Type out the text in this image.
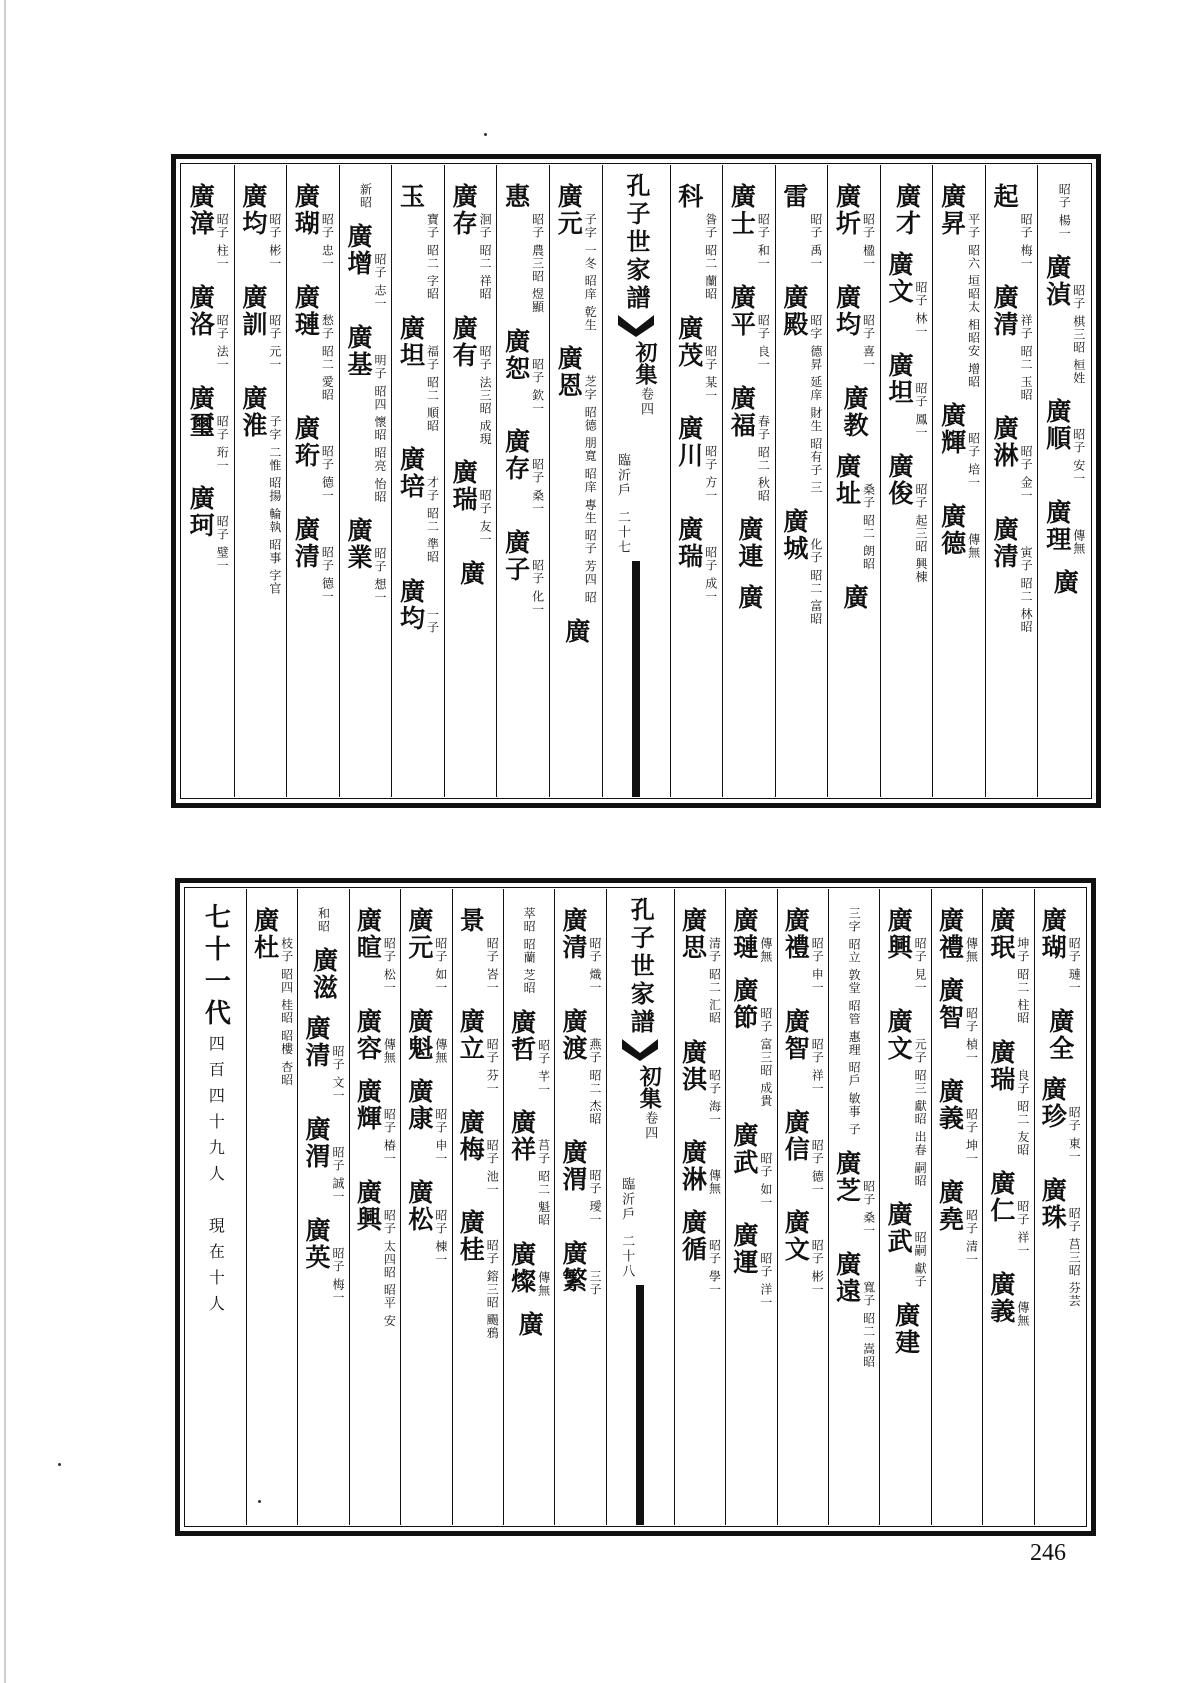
昭子 楊一
廣湞
昭子 棋三昭 桓姓
廣順
昭子 安一
廣理 傳無
廣
起
昭子 梅一
廣清
祥子 昭二 玉昭
廣淋
昭子 金一
廣清
寅子 昭二 林昭
廣昇
平子 昭六 垣昭太 相昭安 增昭
廣輝
昭子 培一
廣德 傳無
廣才
廣文
昭子 林一
廣坦
昭子 鳳一
廣俊
昭子 起三昭 興棟
廣圻
昭子 楹一
廣均
昭子 喜一
廣教
廣址
桑子 昭二 朗昭
廣
雷
昭子 禹一
廣殿
昭字 德昇 延庠 財生 昭有子 三
廣城
化子 昭二 富昭
廣士
昭子 和一
廣平
昭子 良一
廣福
春子 昭二 秋昭
廣連
廣
科
昝子 昭二 蘭昭
廣茂
昭子 某一
廣川
昭子 方一
廣瑞
昭子 成一
孔子世家譜
初集
卷四
臨沂戶
二十七
廣元
子字 一冬 昭庠 乾生
廣恩
芝字 昭德 朋寬 昭庠 專生 昭子 芳四 昭
廣
惠
昭子 農三昭 煜顯
廣恕
昭子 欽一
廣存
昭子 桑一
廣子
昭子 化一
廣存
洄子 昭二 祥昭
廣有
昭子 法三昭 成現
廣瑞
昭子 友一
廣
玉
寶子 昭二 字昭
廣坦
福子 昭二 順昭
廣培
才子 昭二 準昭
廣均 一子
新昭
廣增
昭子 志一
廣基
明子 昭四 懷昭 昭亮 怡昭
廣業
昭子 想一
廣瑚
昭子 忠一
廣璉
愁子 昭二 愛昭
廣珩
昭子 德一
廣清
昭子 德一
廣均
昭子 彬一
廣訓
昭子 元一
廣淮
子字 二惟 昭揚 輪執 昭事 字官
廣漳
昭子 柱一
廣洛
昭子 法一
廣璽
昭子 珩一
廣珂
昭子 璧一
廣瑚
昭子 璉一
廣全
廣珍
昭子 東一
廣珠
昭子 莒三昭 芬芸
廣珉
坤子 昭二 柱昭
廣瑞
良子 昭二 友昭
廣仁
昭子 祥一
廣義 傳無
廣禮 傳無
廣智
昭子 楨一
廣義
昭子 坤一
廣堯
昭子 清一
廣興
昭子 見一
廣文
元子 昭三 獻昭 出春 嗣昭
廣武
昭嗣 獻子
廣建
三字 昭立 敦堂 昭管 惠理 昭戶 敏事 子
廣芝
昭子 桑一
廣遠
寬子 昭二 嵩昭
廣禮
昭子 申一
廣智
昭子 祥一
廣信
昭子 德一
廣文
昭子 彬一
廣璉 傳無
廣節
昭子 富三昭 成貴
廣武
昭子 如一
廣運
昭子 洋一
廣思
清子 昭二 汇昭
廣淇
昭子 海一
廣淋 傳無
廣循
昭子 學一
孔子世家譜
初集
卷四
臨沂戶
二十八
廣清
昭子 熾一
廣渡
燕子 昭二 杰昭
廣渭
昭子 璦一
廣繁 三子
萃昭 昭蘭 芝昭
廣哲
昭子 芊一
廣祥
莒子 昭二 魁昭
廣燦 傳無
廣
景
昭子 峇一
廣立
昭子 芬一
廣梅
昭子 池一
廣桂
昭子 鎔三昭 颺鴉
廣元
昭子 如一
廣魁 傳無
廣康
昭子 申一
廣松
昭子 棟一
廣暄
昭子 松一
廣容 傳無
廣輝
昭子 椿一
廣興
昭子 太四昭 昭平 安
和昭
廣滋
廣清
昭子 文一
廣渭
昭子 誠一
廣英
昭子 梅一
廣杜
枝子 昭四 桂昭 昭樓 杏昭
七十一代
四百四十九人　現在十人
246
